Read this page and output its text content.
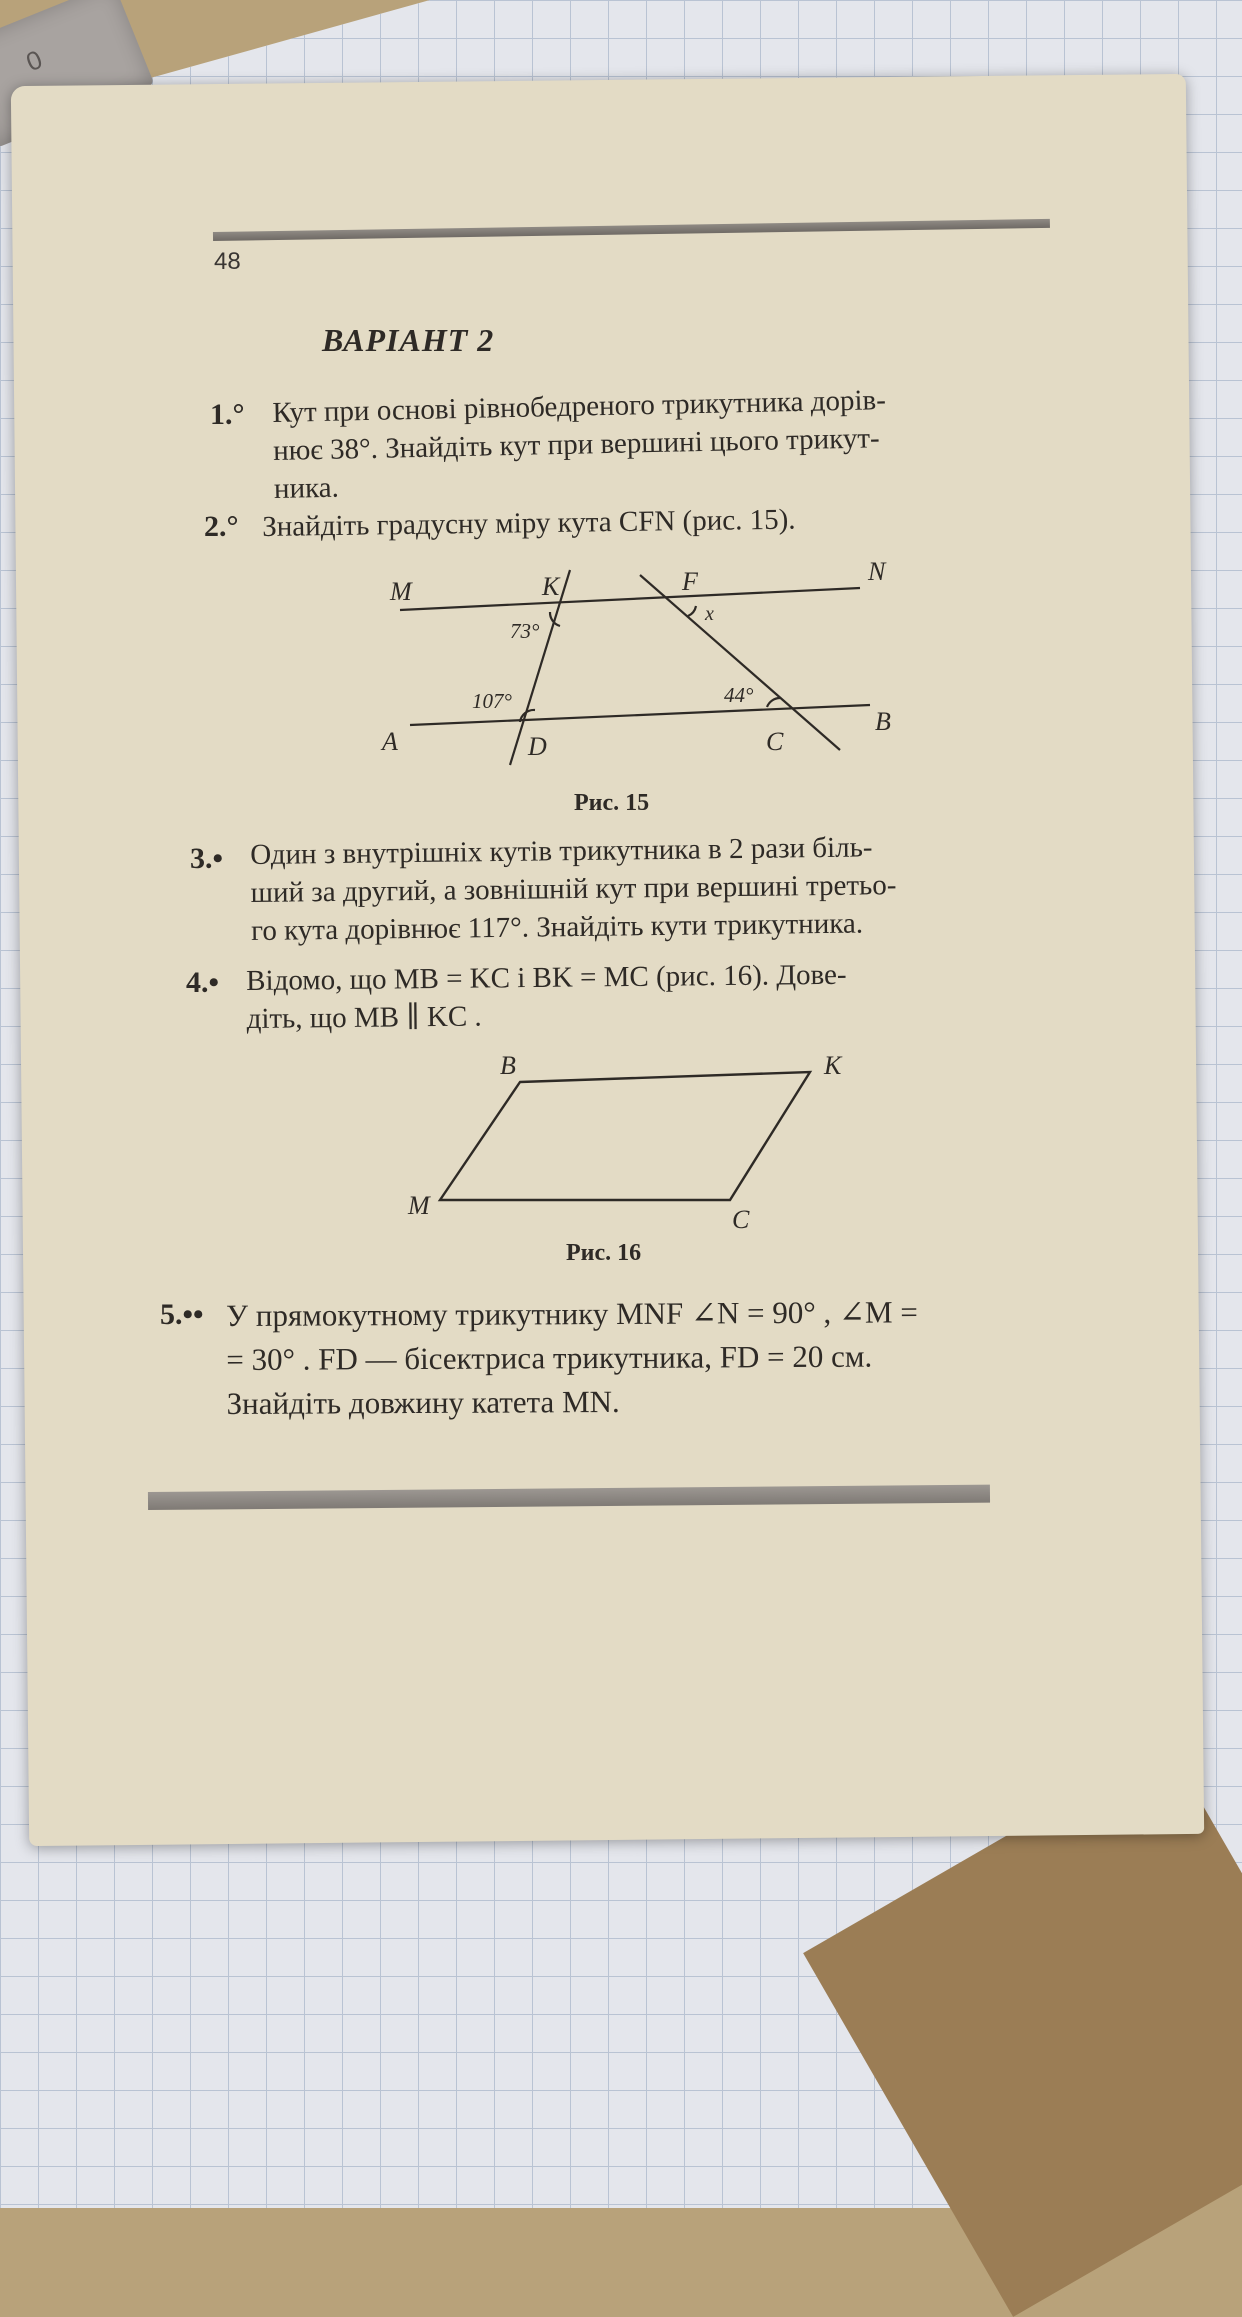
0
48
ВАРІАНТ 2
1.° Кут при основі рівнобедреного трикутника дорів-
нює 38°. Знайдіть кут при вершині цього трикут-
ника.
2.° Знайдіть градусну міру кута CFN (рис. 15).
M	K	F	N
A	D	C
B
x
73°
107°	44°
Рис. 15
3.• Один з внутрішніх кутів трикутника в 2 рази біль-
ший за другий, а зовнішній кут при вершині третьо-
го кута дорівнює 117°. Знайдіть кути трикутника.
4.• Відомо, що MB = KC і BK = MC (рис. 16). Дове-
діть, що MB ∥ KC .
B	K
M	C
Рис. 16
5.•• У прямокутному трикутнику MNF ∠N = 90° , ∠M =
= 30° . FD — бісектриса трикутника, FD = 20 см.
Знайдіть довжину катета MN.
